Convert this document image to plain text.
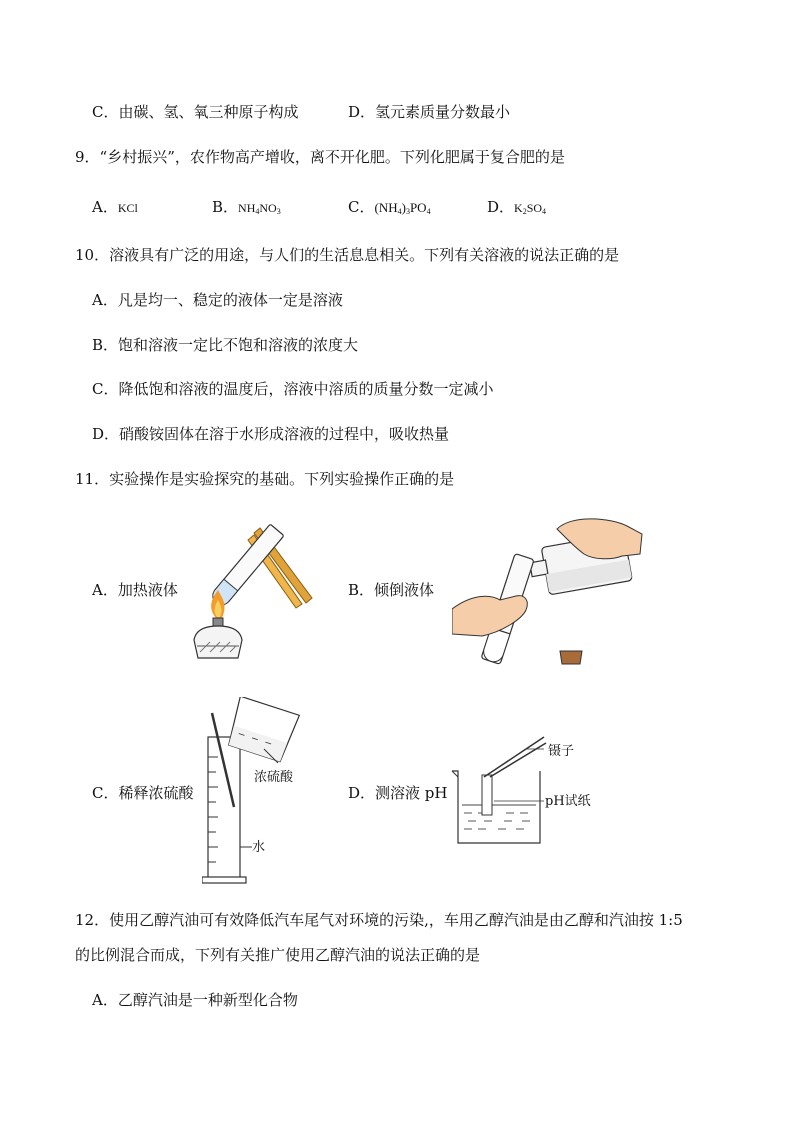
C．由碳、氢、氧三种原子构成	D．氢元素质量分数最小
9．“乡村振兴”，农作物高产增收，离不开化肥。下列化肥属于复合肥的是
A．KCl	B．$NH_4NO_3$	C．$(NH_4)_3PO_4$	D．$K_2SO_4$
10．溶液具有广泛的用途，与人们的生活息息相关。下列有关溶液的说法正确的是
A．凡是均一、稳定的液体一定是溶液
B．饱和溶液一定比不饱和溶液的浓度大
C．降低饱和溶液的温度后，溶液中溶质的质量分数一定减小
D．硝酸铵固体在溶于水形成溶液的过程中，吸收热量
11．实验操作是实验探究的基础。下列实验操作正确的是
A．加热液体	B．倾倒液体
C．稀释浓硫酸	D．测溶液 pH
浓硫酸
水
镊子
pH试纸
12．使用乙醇汽油可有效降低汽车尾气对环境的污染,，车用乙醇汽油是由乙醇和汽油按 1:5
的比例混合而成，下列有关推广使用乙醇汽油的说法正确的是
A．乙醇汽油是一种新型化合物
